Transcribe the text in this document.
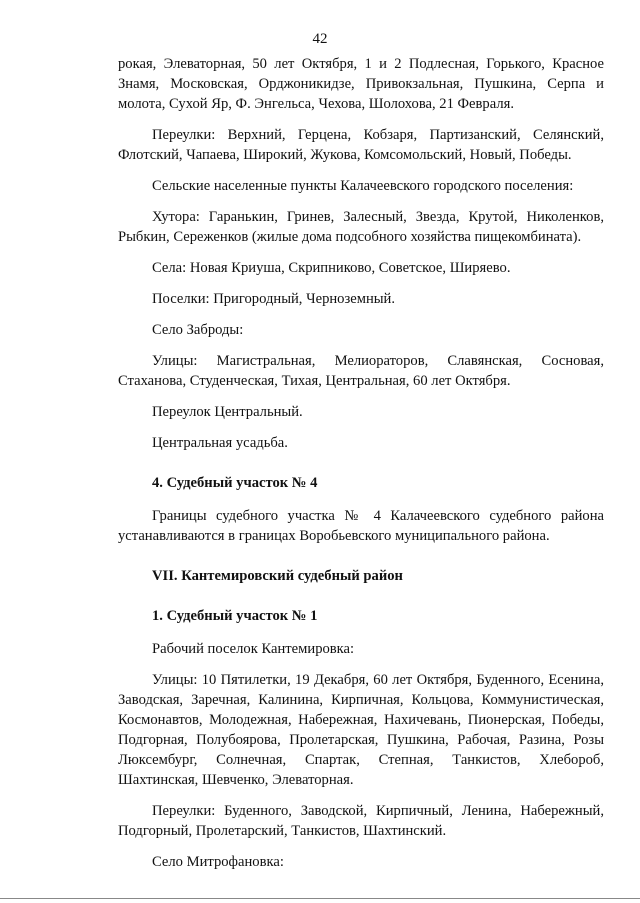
42

рокая, Элеваторная, 50 лет Октября, 1 и 2 Подлесная, Горького, Красное Знамя, Московская, Орджоникидзе, Привокзальная, Пушкина, Серпа и молота, Сухой Яр, Ф. Энгельса, Чехова, Шолохова, 21 Февраля.

Переулки: Верхний, Герцена, Кобзаря, Партизанский, Селянский, Флотский, Чапаева, Широкий, Жукова, Комсомольский, Новый, Победы.

Сельские населенные пункты Калачеевского городского поселения:

Хутора: Гаранькин, Гринев, Залесный, Звезда, Крутой, Николенков, Рыбкин, Сереженков (жилые дома подсобного хозяйства пищекомбината).

Села: Новая Криуша, Скрипниково, Советское, Ширяево.

Поселки: Пригородный, Черноземный.

Село Заброды:

Улицы: Магистральная, Мелиораторов, Славянская, Сосновая, Стаханова, Студенческая, Тихая, Центральная, 60 лет Октября.

Переулок Центральный.

Центральная усадьба.

4. Судебный участок № 4

Границы судебного участка № 4 Калачеевского судебного района устанавливаются в границах Воробьевского муниципального района.

VII. Кантемировский судебный район
1. Судебный участок № 1

Рабочий поселок Кантемировка:

Улицы: 10 Пятилетки, 19 Декабря, 60 лет Октября, Буденного, Есенина, Заводская, Заречная, Калинина, Кирпичная, Кольцова, Коммунистическая, Космонавтов, Молодежная, Набережная, Нахичевань, Пионерская, Победы, Подгорная, Полубоярова, Пролетарская, Пушкина, Рабочая, Разина, Розы Люксембург, Солнечная, Спартак, Степная, Танкистов, Хлебороб, Шахтинская, Шевченко, Элеваторная.

Переулки: Буденного, Заводской, Кирпичный, Ленина, Набережный, Подгорный, Пролетарский, Танкистов, Шахтинский.

Село Митрофановка:
